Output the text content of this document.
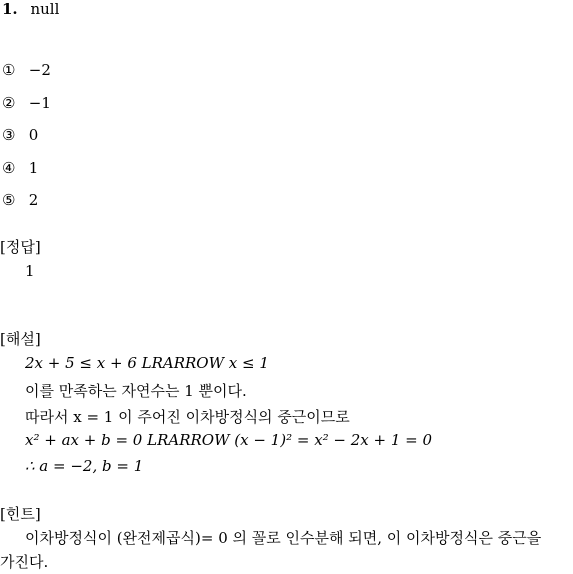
1. null
① −2
② −1
③ 0
④ 1
⑤ 2
[정답]
1
[해설]
2x + 5 ≤ x + 6 LRARROW x ≤ 1
이를 만족하는 자연수는 1 뿐이다.
따라서 x = 1 이 주어진 이차방정식의 중근이므로
x² + ax + b = 0 LRARROW (x − 1)² = x² − 2x + 1 = 0
∴ a = −2, b = 1
[힌트]
이차방정식이 (완전제곱식)= 0 의 꼴로 인수분해 되면, 이 이차방정식은 중근을 가진다.
